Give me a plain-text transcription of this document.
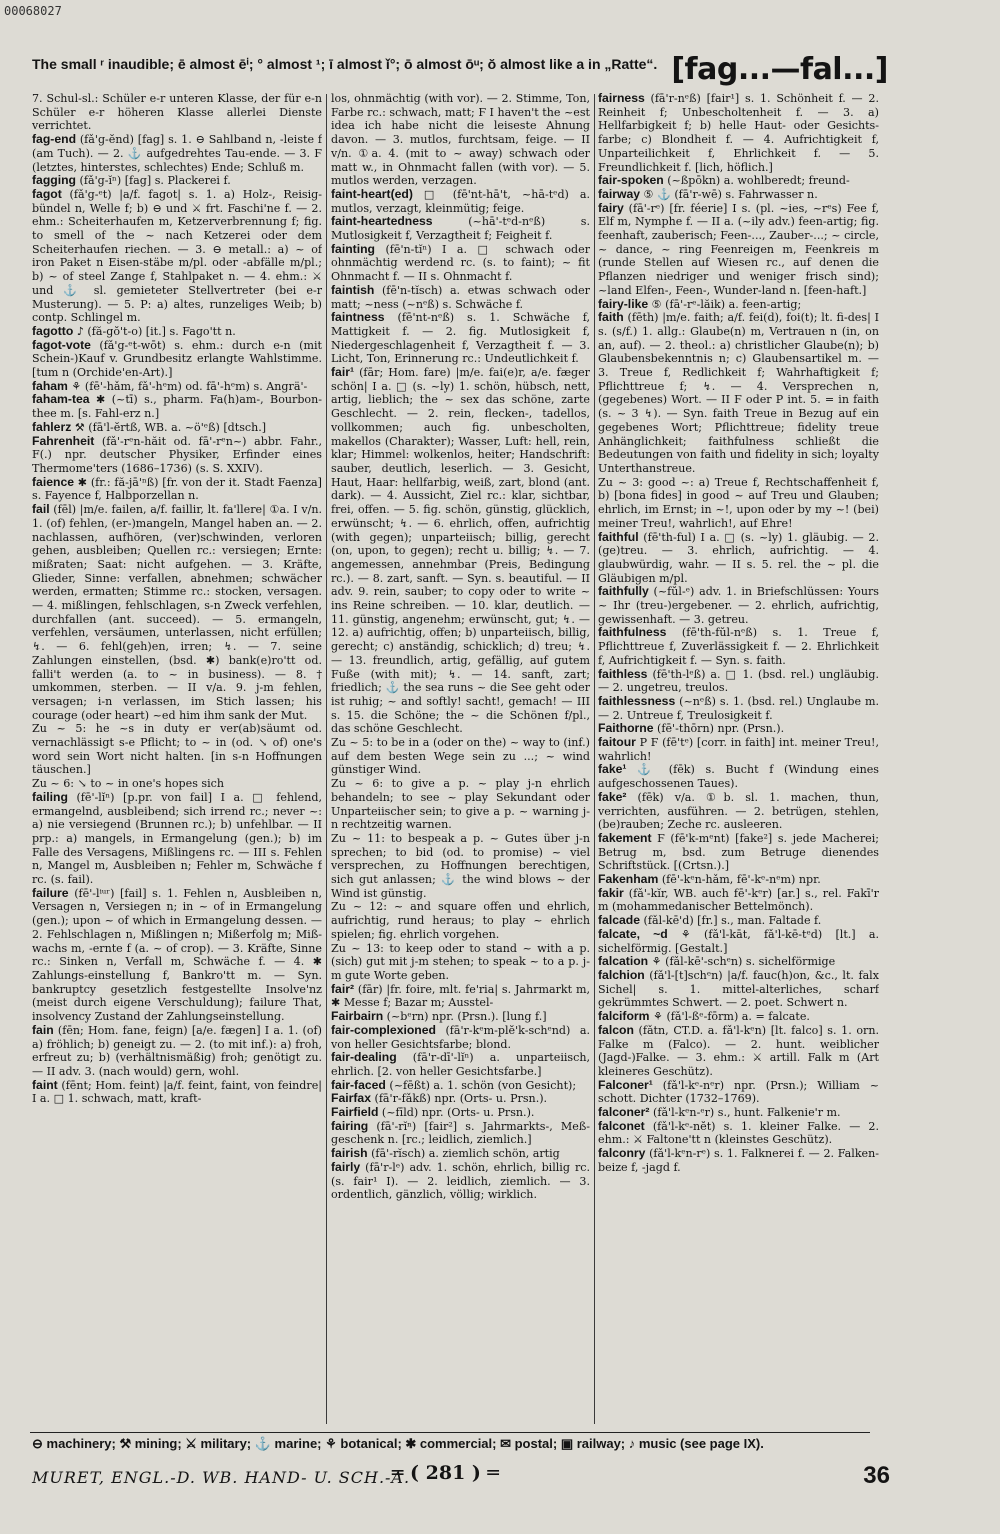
00068027
The small ʳ inaudible; ē almost ēⁱ; ° almost ¹; ī almost ǐ°; ō almost ōᵘ; ŏ almost like a in „Ratte“. [fag...—fal...]

7. Schul-sl.: Schüler e-r unteren Klasse, der für e-n Schüler e-r höheren Klasse allerlei Dienste verrichtet.

fag-end (fǎ'g-ĕnd) [fag] s. 1. ⊖ Sahlband n, -leiste f (am Tuch). — 2. ⚓ aufgedrehtes Tau-ende. — 3. Ϝ (letztes, hinterstes, schlechtes) Ende; Schluß m.

fagging (fǎ'g-ĭⁿ) [fag] s. Plackerei f.

fagot (fǎ'g-ᵉt) |a/f. fagot| s. 1. a) Holz-, Reisig-bündel n, Welle f; b) ⊖ und ⚔ frt. Faschi'ne f. — 2. ehm.: Scheiterhaufen m, Ketzerverbrennung f; fig. to smell of the ~ nach Ketzerei oder dem Scheiterhaufen riechen. — 3. ⊖ metall.: a) ~ of iron Paket n Eisen-stäbe m/pl. oder -abfälle m/pl.; b) ~ of steel Zange f, Stahlpaket n. — 4. ehm.: ⚔ und ⚓ sl. gemieteter Stellvertreter (bei e-r Musterung). — 5. Ρ: a) altes, runzeliges Weib; b) contp. Schlingel m.

fagotto ♪ (fă-gŏ't-o) [it.] s. Fago'tt n.

fagot-vote (fǎ'g-ᵉt-wōt) s. ehm.: durch e-n (mit Schein-)Kauf v. Grundbesitz erlangte Wahlstimme. [tum n (Orchide'en-Art).]

faham ⚘ (fē'-hǎm, fǎ'-hᵉm) od. fā'-hᵉm) s. Angrä'-

faham-tea ✱ (~tī) s., pharm. Fa(h)am-, Bourbon-thee m. [s. Fahl-erz n.]

fahlerz ⚒ (fā'l-ĕrtß, WB. a. ~ö'ᵉß) [dtsch.]

Fahrenheit (fǎ'-rᵉn-hăit od. fā'-rᵉn~) abbr. Fahr., F(.) npr. deutscher Physiker, Erfinder eines Thermome'ters (1686–1736) (s. S. XXIV).

faience ✱ (fr.: fă-jā'ⁿß) [fr. von der it. Stadt Faenza] s. Fayence f, Halbporzellan n.

fail (fēl) |m/e. failen, a/f. faillir, lt. fa'llere| ①a. I v/n. 1. (of) fehlen, (er-)mangeln, Mangel haben an. — 2. nachlassen, aufhören, (ver)schwinden, verloren gehen, ausbleiben; Quellen rc.: versiegen; Ernte: mißraten; Saat: nicht aufgehen. — 3. Kräfte, Glieder, Sinne: verfallen, abnehmen; schwächer werden, ermatten; Stimme rc.: stocken, versagen. — 4. mißlingen, fehlschlagen, s-n Zweck verfehlen, durchfallen (ant. succeed). — 5. ermangeln, verfehlen, versäumen, unterlassen, nicht erfüllen; ↯. — 6. fehl(geh)en, irren; ↯. — 7. seine Zahlungen einstellen, (bsd. ✱) bank(e)ro'tt od. falli't werden (a. to ~ in business). — 8. † umkommen, sterben. — II v/a. 9. j-m fehlen, versagen; i-n verlassen, im Stich lassen; his courage (oder heart) ~ed him ihm sank der Mut.

Zu ~ 5: he ~s in duty er ver(ab)säumt od. vernachlässigt s-e Pflicht; to ~ in (od. ↘ of) one's word sein Wort nicht halten. [in s-n Hoffnungen täuschen.]

Zu ~ 6: ↘ to ~ in one's hopes sich

failing (fē'-lĭⁿ) [p.pr. von fail] I a. □ fehlend, ermangelnd, ausbleibend; sich irrend rc.; never ~: a) nie versiegend (Brunnen rc.); b) unfehlbar. — II prp.: a) mangels, in Ermangelung (gen.); b) im Falle des Versagens, Mißlingens rc. — III s. Fehlen n, Mangel m, Ausbleiben n; Fehler m, Schwäche f rc. (s. fail).

failure (fē'-lⁱᵘʳ) [fail] s. 1. Fehlen n, Ausbleiben n, Versagen n, Versiegen n; in ~ of in Ermangelung (gen.); upon ~ of which in Ermangelung dessen. — 2. Fehlschlagen n, Mißlingen n; Mißerfolg m; Miß-wachs m, -ernte f (a. ~ of crop). — 3. Kräfte, Sinne rc.: Sinken n, Verfall m, Schwäche f. — 4. ✱ Zahlungs-einstellung f, Bankro'tt m. — Syn. bankruptcy gesetzlich festgestellte Insolve'nz (meist durch eigene Verschuldung); failure That, insolvency Zustand der Zahlungseinstellung.

fain (fēn; Hom. fane, feign) [a/e. fægen] I a. 1. (of) a) fröhlich; b) geneigt zu. — 2. (to mit inf.): a) froh, erfreut zu; b) (verhältnismäßig) froh; genötigt zu. — II adv. 3. (nach would) gern, wohl.

faint (fēnt; Hom. feint) |a/f. feint, faint, von feindre| I a. □ 1. schwach, matt, kraft-

los, ohnmächtig (with vor). — 2. Stimme, Ton, Farbe rc.: schwach, matt; Ϝ I haven't the ~est idea ich habe nicht die leiseste Ahnung davon. — 3. mutlos, furchtsam, feige. — II v/n. ①a. 4. (mit to ~ away) schwach oder matt w., in Ohnmacht fallen (with vor). — 5. mutlos werden, verzagen.

faint-heart(ed) □ (fē'nt-hā't, ~hā-tᵉd) a. mutlos, verzagt, kleinmütig; feige.

faint-heartedness (~hā'-tᵉd-nᵉß) s. Mutlosigkeit f, Verzagtheit f; Feigheit f.

fainting (fē'n-tĭⁿ) I a. □ schwach oder ohnmächtig werdend rc. (s. to faint); ~ fit Ohnmacht f. — II s. Ohnmacht f.

faintish (fē'n-tĭsch) a. etwas schwach oder matt; ~ness (~nᵉß) s. Schwäche f.

faintness (fē'nt-nᵉß) s. 1. Schwäche f, Mattigkeit f. — 2. fig. Mutlosigkeit f, Niedergeschlagenheit f, Verzagtheit f. — 3. Licht, Ton, Erinnerung rc.: Undeutlichkeit f.

fair¹ (fār; Hom. fare) |m/e. fai(e)r, a/e. fæger schön| I a. □ (s. ~ly) 1. schön, hübsch, nett, artig, lieblich; the ~ sex das schöne, zarte Geschlecht. — 2. rein, flecken-, tadellos, vollkommen; auch fig. unbescholten, makellos (Charakter); Wasser, Luft: hell, rein, klar; Himmel: wolkenlos, heiter; Handschrift: sauber, deutlich, leserlich. — 3. Gesicht, Haut, Haar: hellfarbig, weiß, zart, blond (ant. dark). — 4. Aussicht, Ziel rc.: klar, sichtbar, frei, offen. — 5. fig. schön, günstig, glücklich, erwünscht; ↯. — 6. ehrlich, offen, aufrichtig (with gegen); unparteiisch; billig, gerecht (on, upon, to gegen); recht u. billig; ↯. — 7. angemessen, annehmbar (Preis, Bedingung rc.). — 8. zart, sanft. — Syn. s. beautiful. — II adv. 9. rein, sauber; to copy oder to write ~ ins Reine schreiben. — 10. klar, deutlich. — 11. günstig, angenehm; erwünscht, gut; ↯. — 12. a) aufrichtig, offen; b) unparteiisch, billig, gerecht; c) anständig, schicklich; d) treu; ↯. — 13. freundlich, artig, gefällig, auf gutem Fuße (with mit); ↯. — 14. sanft, zart; friedlich; ⚓ the sea runs ~ die See geht oder ist ruhig; ~ and softly! sacht!, gemach! — III s. 15. die Schöne; the ~ die Schönen f/pl., das schöne Geschlecht.

Zu ~ 5: to be in a (oder on the) ~ way to (inf.) auf dem besten Wege sein zu ...; ~ wind günstiger Wind.

Zu ~ 6: to give a p. ~ play j-n ehrlich behandeln; to see ~ play Sekundant oder Unparteiischer sein; to give a p. ~ warning j-n rechtzeitig warnen.

Zu ~ 11: to bespeak a p. ~ Gutes über j-n sprechen; to bid (od. to promise) ~ viel versprechen, zu Hoffnungen berechtigen, sich gut anlassen; ⚓ the wind blows ~ der Wind ist günstig.

Zu ~ 12: ~ and square offen und ehrlich, aufrichtig, rund heraus; to play ~ ehrlich spielen; fig. ehrlich vorgehen.

Zu ~ 13: to keep oder to stand ~ with a p. (sich) gut mit j-m stehen; to speak ~ to a p. j-m gute Worte geben.

fair² (fār) |fr. foire, mlt. fe'ria| s. Jahrmarkt m, ✱ Messe f; Bazar m; Ausstel-

Fairbairn (~bᵉrn) npr. (Prsn.). [lung f.]

fair-complexioned (fā'r-kᵉm-plĕ'k-schᵉnd) a. von heller Gesichtsfarbe; blond.

fair-dealing (fā'r-dī'-lĭⁿ) a. unparteiisch, ehrlich. [2. von heller Gesichtsfarbe.]

fair-faced (~fēßt) a. 1. schön (von Gesicht);

Fairfax (fā'r-fǎkß) npr. (Orts- u. Prsn.).

Fairfield (~fīld) npr. (Orts- u. Prsn.).

fairing (fā'-rĭⁿ) [fair²] s. Jahrmarkts-, Meß-geschenk n. [rc.; leidlich, ziemlich.]

fairish (fā'-rĭsch) a. ziemlich schön, artig

fairly (fā'r-lᵉ) adv. 1. schön, ehrlich, billig rc. (s. fair¹ I). — 2. leidlich, ziemlich. — 3. ordentlich, gänzlich, völlig; wirklich.

fairness (fā'r-nᵉß) [fair¹] s. 1. Schönheit f. — 2. Reinheit f; Unbescholtenheit f. — 3. a) Hellfarbigkeit f; b) helle Haut- oder Gesichts-farbe; c) Blondheit f. — 4. Aufrichtigkeit f, Unparteilichkeit f, Ehrlichkeit f. — 5. Freundlichkeit f. [lich, höflich.]

fair-spoken (~ßpōkn) a. wohlberedt; freund-

fairway ⑤ ⚓ (fā'r-wē) s. Fahrwasser n.

fairy (fā'-rᵉ) [fr. féerie] I s. (pl. ~ies, ~rᵉs) Fee f, Elf m, Nymphe f. — II a. (~ily adv.) feen-artig; fig. feenhaft, zauberisch; Feen-..., Zauber-...; ~ circle, ~ dance, ~ ring Feenreigen m, Feenkreis m (runde Stellen auf Wiesen rc., auf denen die Pflanzen niedriger und weniger frisch sind); ~land Elfen-, Feen-, Wunder-land n. [feen-haft.]

fairy-like ⑤ (fā'-rᵉ-lăik) a. feen-artig;

faith (fēth) |m/e. faith; a/f. fei(d), foi(t); lt. fi-des| I s. (s/f.) 1. allg.: Glaube(n) m, Vertrauen n (in, on an, auf). — 2. theol.: a) christlicher Glaube(n); b) Glaubensbekenntnis n; c) Glaubensartikel m. — 3. Treue f, Redlichkeit f; Wahrhaftigkeit f; Pflichttreue f; ↯. — 4. Versprechen n, (gegebenes) Wort. — II Ϝ oder Ρ int. 5. = in faith (s. ~ 3 ↯). — Syn. faith Treue in Bezug auf ein gegebenes Wort; Pflichttreue; fidelity treue Anhänglichkeit; faithfulness schließt die Bedeutungen von faith und fidelity in sich; loyalty Unterthanstreue.

Zu ~ 3: good ~: a) Treue f, Rechtschaffenheit f, b) [bona fides] in good ~ auf Treu und Glauben; ehrlich, im Ernst; in ~!, upon oder by my ~! (bei) meiner Treu!, wahrlich!, auf Ehre!

faithful (fē'th-ful) I a. □ (s. ~ly) 1. gläubig. — 2. (ge)treu. — 3. ehrlich, aufrichtig. — 4. glaubwürdig, wahr. — II s. 5. rel. the ~ pl. die Gläubigen m/pl.

faithfully (~fŭl-ᵉ) adv. 1. in Briefschlüssen: Yours ~ Ihr (treu-)ergebener. — 2. ehrlich, aufrichtig, gewissenhaft. — 3. getreu.

faithfulness (fē'th-fŭl-nᵉß) s. 1. Treue f, Pflichttreue f, Zuverlässigkeit f. — 2. Ehrlichkeit f, Aufrichtigkeit f. — Syn. s. faith.

faithless (fē'th-lᵉß) a. □ 1. (bsd. rel.) ungläubig. — 2. ungetreu, treulos.

faithlessness (~nᵉß) s. 1. (bsd. rel.) Unglaube m. — 2. Untreue f, Treulosigkeit f.

Faithorne (fē'-thōrn) npr. (Prsn.).

faitour Ρ Ϝ (fē'tᵉ) [corr. in faith] int. meiner Treu!, wahrlich!

fake¹ ⚓ (fēk) s. Bucht f (Windung eines aufgeschossenen Taues).

fake² (fēk) v/a. ①b. sl. 1. machen, thun, verrichten, ausführen. — 2. betrügen, stehlen, (be)rauben; Zeche rc. ausleeren.

fakement Ϝ (fē'k-mᵉnt) [fake²] s. jede Macherei; Betrug m, bsd. zum Betruge dienendes Schriftstück. [(Crtsn.).]

Fakenham (fē'-kᵉn-hǎm, fē'-kᵉ-nᵉm) npr.

fakir (fǎ'-kĭr, WB. auch fē'-kᵉr) [ar.] s., rel. Fakī'r m (mohammedanischer Bettelmönch).

falcade (fǎl-kē'd) [fr.] s., man. Faltade f.

falcate, ~d ⚘ (fǎ'l-kāt, fǎ'l-kē-tᵉd) [lt.] a. sichelförmig. [Gestalt.]

falcation ⚘ (fǎl-kē'-schᵉn) s. sichelförmige

falchion (fǎ'l-[t]schᵉn) |a/f. fauc(h)on, &c., lt. falx Sichel| s. 1. mittel-alterliches, scharf gekrümmtes Schwert. — 2. poet. Schwert n.

falciform ⚘ (fǎ'l-ßᵉ-fōrm) a. = falcate.

falcon (fǎtn, CT.D. a. fǎ'l-kᵉn) [lt. falco] s. 1. orn. Falke m (Falco). — 2. hunt. weiblicher (Jagd-)Falke. — 3. ehm.: ⚔ artill. Falk m (Art kleineres Geschütz).

Falconer¹ (fǎ'l-kᵉ-nᵉr) npr. (Prsn.); William ~ schott. Dichter (1732–1769).

falconer² (fǎ'l-kᵉn-ᵉr) s., hunt. Falkenie'r m.

falconet (fǎ'l-kᵉ-nĕt) s. 1. kleiner Falke. — 2. ehm.: ⚔ Faltone'tt n (kleinstes Geschütz).

falconry (fǎ'l-kᵉn-rᵉ) s. 1. Falknerei f. — 2. Falken-beize f, -jagd f.

⊖ machinery; ⚒ mining; ⚔ military; ⚓ marine; ⚘ botanical; ✱ commercial; ✉ postal; ▣ railway; ♪ music (see page IX).
MURET, ENGL.-D. WB. HAND- U. SCH.-A.
═ ( 281 ) ═	36
